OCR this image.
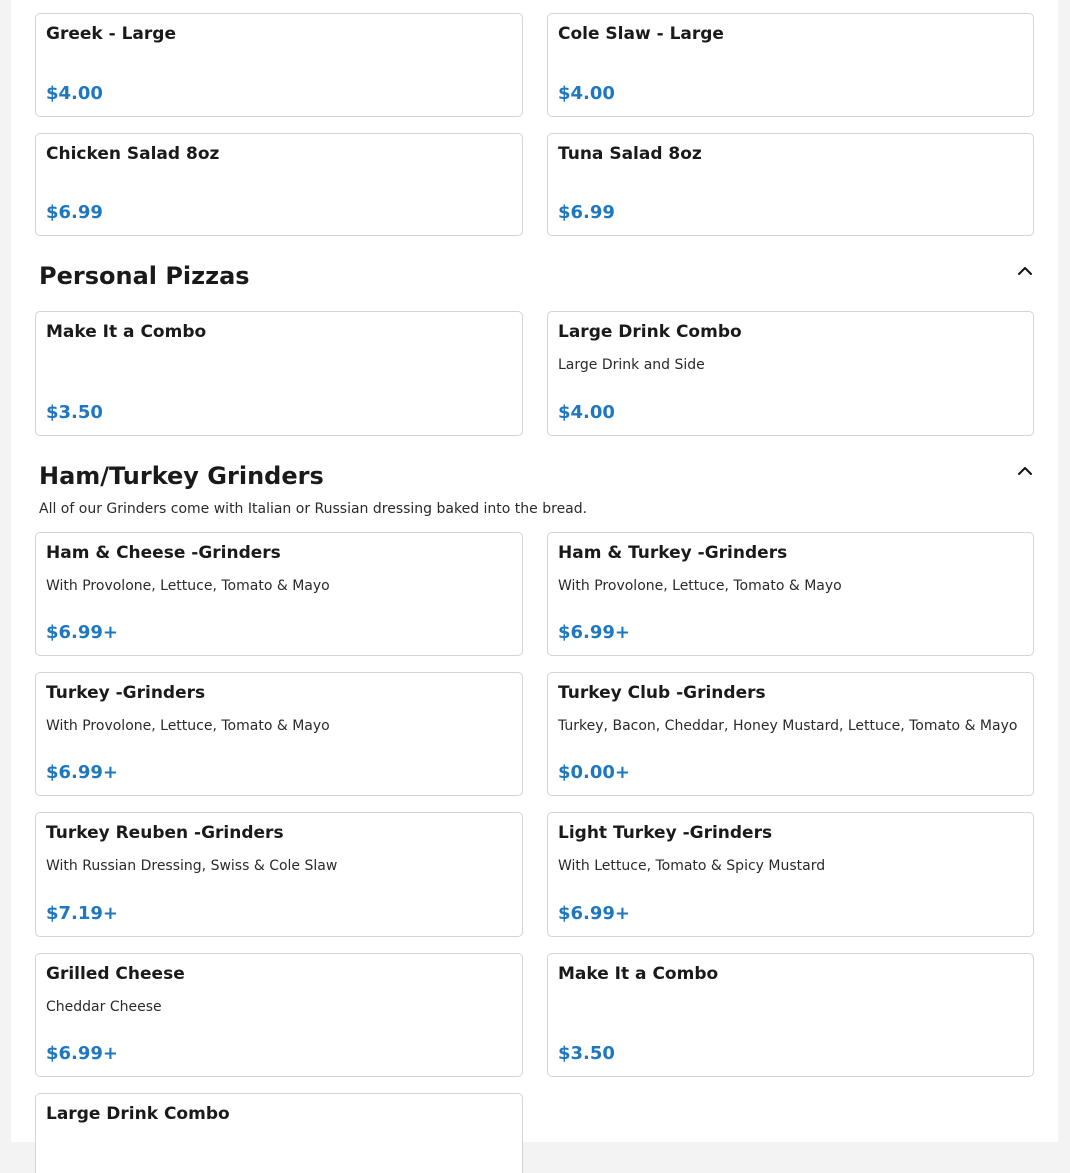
Greek - Large
$4.00
Cole Slaw - Large
$4.00
Chicken Salad 8oz
$6.99
Tuna Salad 8oz
$6.99
Personal Pizzas
Make It a Combo
$3.50
Large Drink Combo
Large Drink and Side
$4.00
Ham/Turkey Grinders
All of our Grinders come with Italian or Russian dressing baked into the bread.
Ham & Cheese -Grinders
With Provolone, Lettuce, Tomato & Mayo
$6.99+
Ham & Turkey -Grinders
With Provolone, Lettuce, Tomato & Mayo
$6.99+
Turkey -Grinders
With Provolone, Lettuce, Tomato & Mayo
$6.99+
Turkey Club -Grinders
Turkey, Bacon, Cheddar, Honey Mustard, Lettuce, Tomato & Mayo
$0.00+
Turkey Reuben -Grinders
With Russian Dressing, Swiss & Cole Slaw
$7.19+
Light Turkey -Grinders
With Lettuce, Tomato & Spicy Mustard
$6.99+
Grilled Cheese
Cheddar Cheese
$6.99+
Make It a Combo
$3.50
Large Drink Combo
